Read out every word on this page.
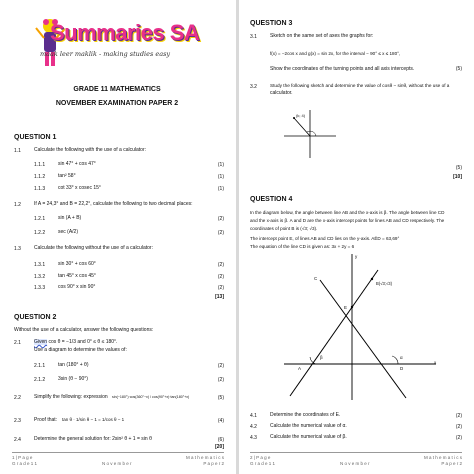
Summaries SA
maak leer maklik - making studies easy
GRADE 11 MATHEMATICS
NOVEMBER EXAMINATION PAPER 2
QUESTION 1
1.1	Calculate the following with the use of a calculator:
1.1.1	sin 47° + cos 47°	(1)
1.1.2	tan² 58°	(1)
1.1.3	cot 33° x cosec 15°	(1)
1.2	If A = 24,3° and B = 22,2°, calculate the following to two decimal places:
1.2.1	sin (A + B)	(2)
1.2.2	sec (A/2)	(2)
1.3	Calculate the following without the use of a calculator:
1.3.1	sin 30° + cos 60°	(2)
1.3.2	tan 45° x cos 45°	(2)
1.3.3	cos 90° x sin 90°	(2)
[13]
QUESTION 2
Without the use of a calculator, answer the following questions:
2.1	Given cos θ = −1/3 and 0° ≤ θ ≤ 180°.
Use a diagram to determine the values of:
2.1.1	tan (180° + θ)	(2)
2.1.2	3sin (θ − 90°)	(2)
2.2	Simplify the following: expression sin(−180°)·cos(360°−x) / cos(90°+x)·tan(180°+x)	(5)
2.3	Proof that: tan θ · 1/sin θ − 1 = 1/cos θ − 1	(4)
2.4	Determine the general solution for: 2sin² θ + 1 = sin θ	(6)
[20]
1 | P a g e	M a t h e m a t i c s
G r a d e 1 1	N o v e m b e r	P a p e r 2
QUESTION 3
3.1	Sketch on the same set of axes the graphs for:
f(x) = −2cos x and g(x) = sin 2x, for the interval − 90° ≤ x ≤ 180°,
Show the coordinates of the turning points and all axis intercepts.	(5)
3.2	Study the following sketch and determine the value of cosθ − sinθ, without the use of a
calculator.
(k; 4)
(5)
[10]
QUESTION 4
In the diagram below, the angle between line AB and the x-axis is β. The angle between line CD
and the x-axis is β. A and D are the x-axis intercept points for lines AB and CD respectively. The
coordinates of point B is (√3; √3).
The intercept point E, of lines AB and CD lies on the y-axis. AÊD = 63,69°
The equation of the line CD is given as: 3x + 2y = 6
C
B(√3;√3)
E
A	D
x
y
β	α
4.1	Determine the coordinates of E.	(2)
4.2	Calculate the numerical value of α.	(2)
4.3	Calculate the numerical value of β.	(2)
2 | P a g e	M a t h e m a t i c s
G r a d e 1 1	N o v e m b e r	P a p e r 2
